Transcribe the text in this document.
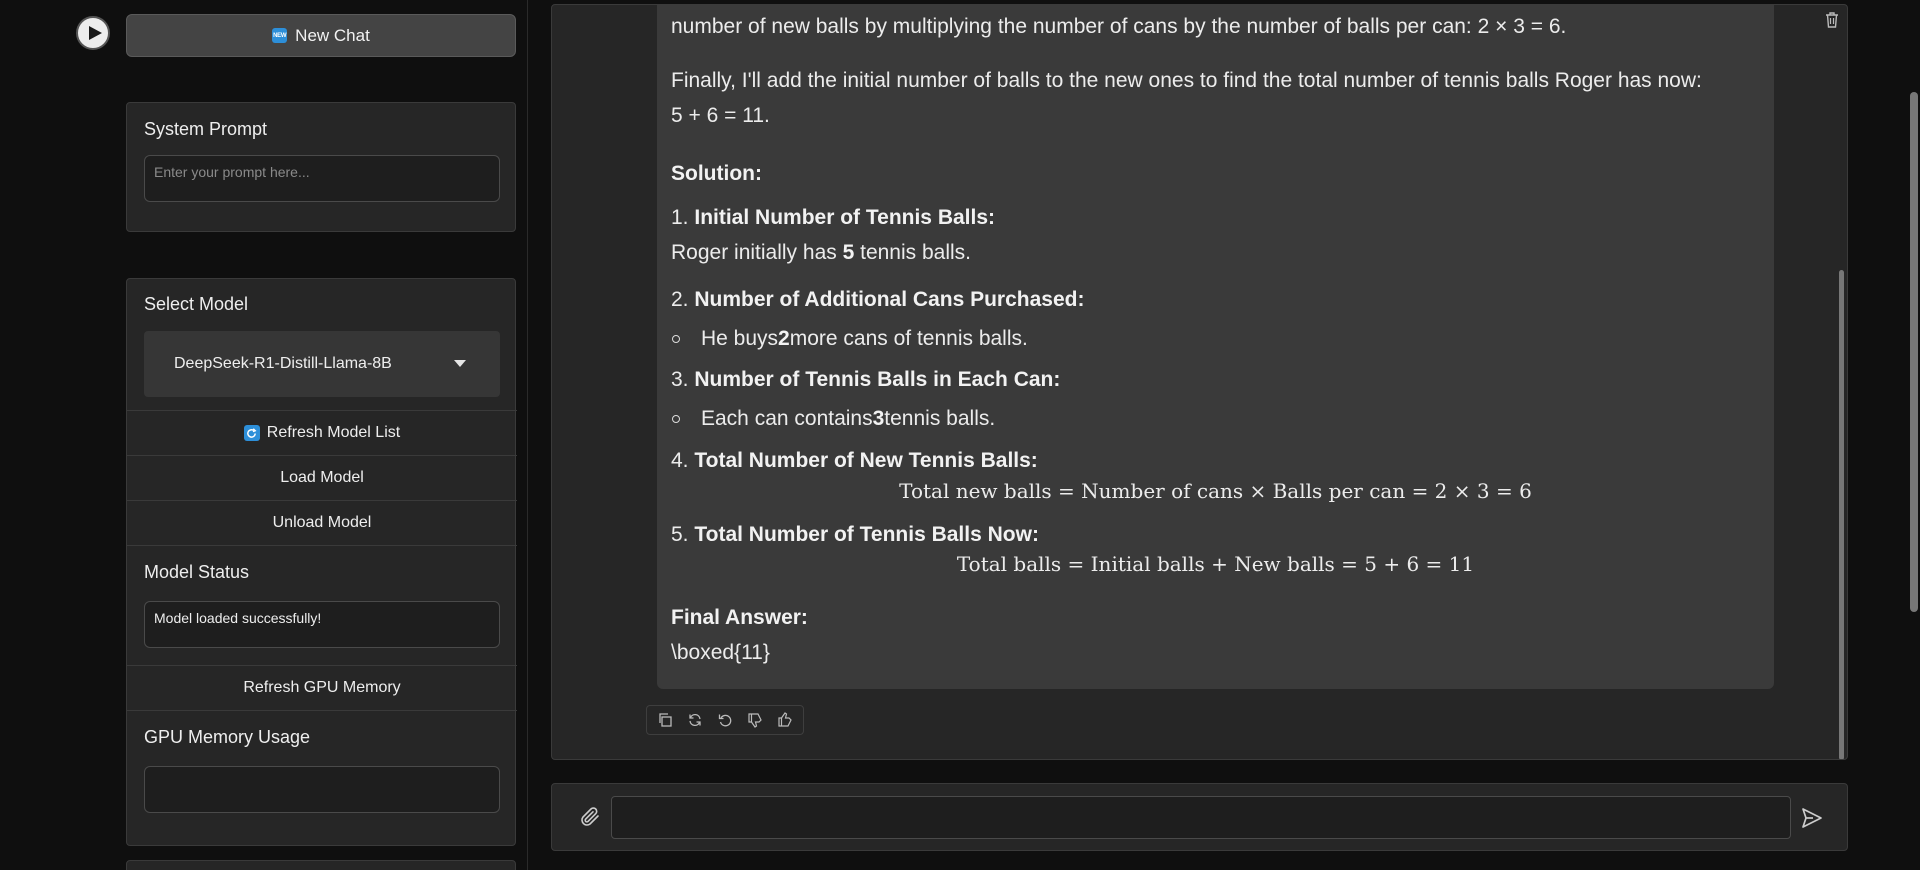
NEW New Chat
System Prompt
Enter your prompt here...
Select Model
DeepSeek-R1-Distill-Llama-8B
Refresh Model List
Load Model
Unload Model
Model Status
Model loaded successfully!
Refresh GPU Memory
GPU Memory Usage

number of new balls by multiplying the number of cans by the number of balls per can: 2 × 3 = 6.

Finally, I'll add the initial number of balls to the new ones to find the total number of tennis balls Roger has now:

5 + 6 = 11.

Solution:
1. Initial Number of Tennis Balls:
Roger initially has 5 tennis balls.
2. Number of Additional Cans Purchased:
He buys 2 more cans of tennis balls.
3. Number of Tennis Balls in Each Can:
Each can contains 3 tennis balls.
4. Total Number of New Tennis Balls:
Total new balls = Number of cans × Balls per can = 2 × 3 = 6
5. Total Number of Tennis Balls Now:
Total balls = Initial balls + New balls = 5 + 6 = 11
Final Answer:
\boxed{11}
